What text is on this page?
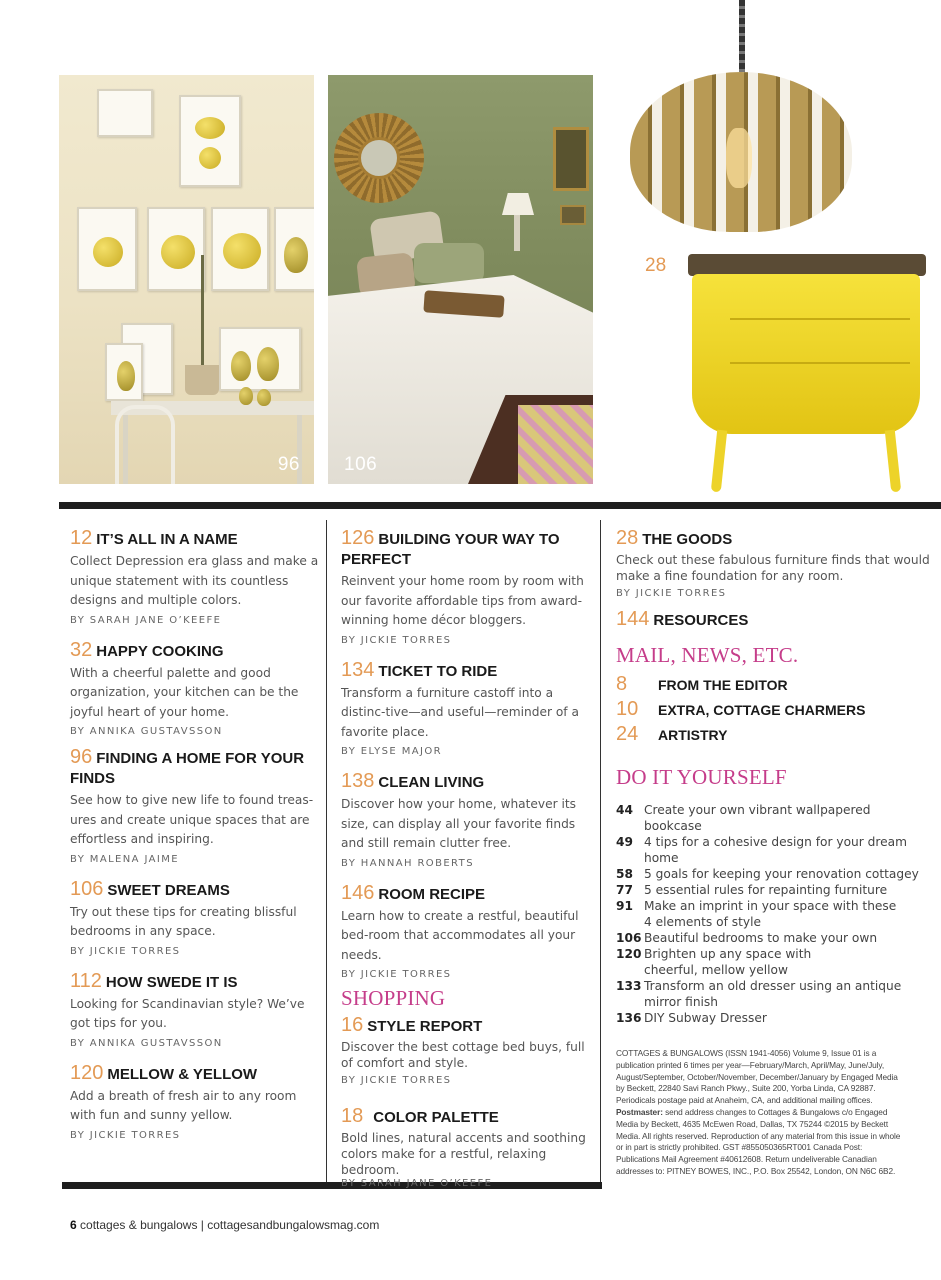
96 106
28
12 IT’S ALL IN A NAME
Collect Depression era glass and make a unique statement with its countless designs and multiple colors.
BY SARAH JANE O’KEEFE
32 HAPPY COOKING
With a cheerful palette and good organization, your kitchen can be the joyful heart of your home.
BY ANNIKA GUSTAVSSON
96 FINDING A HOME FOR YOUR FINDS
See how to give new life to found treas-ures and create unique spaces that are effortless and inspiring.
BY MALENA JAIME
106 SWEET DREAMS
Try out these tips for creating blissful bedrooms in any space.
BY JICKIE TORRES
112 HOW SWEDE IT IS
Looking for Scandinavian style? We’ve got tips for you.
BY ANNIKA GUSTAVSSON
120 MELLOW & YELLOW
Add a breath of fresh air to any room with fun and sunny yellow.
BY JICKIE TORRES
126 BUILDING YOUR WAY TO PERFECT
Reinvent your home room by room with our favorite affordable tips from award-winning home décor bloggers.
BY JICKIE TORRES
134 TICKET TO RIDE
Transform a furniture castoff into a distinc-tive—and useful—reminder of a favorite place.
BY ELYSE MAJOR
138 CLEAN LIVING
Discover how your home, whatever its size, can display all your favorite finds and still remain clutter free.
BY HANNAH ROBERTS
146 ROOM RECIPE
Learn how to create a restful, beautiful bed-room that accommodates all your needs.
BY JICKIE TORRES
SHOPPING
16 STYLE REPORT
Discover the best cottage bed buys, full of comfort and style.
BY JICKIE TORRES
18 COLOR PALETTE
Bold lines, natural accents and soothing colors make for a restful, relaxing bedroom.
BY SARAH JANE O’KEEFE
28 THE GOODS
Check out these fabulous furniture finds that would make a fine foundation for any room.
BY JICKIE TORRES
144 RESOURCES
MAIL, NEWS, ETC.
8	FROM THE EDITOR
10	EXTRA, COTTAGE CHARMERS
24	ARTISTRY
DO IT YOURSELF
44 Create your own vibrant wallpapered bookcase
49 4 tips for a cohesive design for your dream home
58 5 goals for keeping your renovation cottagey
77 5 essential rules for repainting furniture
91 Make an imprint in your space with these 4 elements of style
106 Beautiful bedrooms to make your own
120 Brighten up any space with cheerful, mellow yellow
133 Transform an old dresser using an antique mirror finish
136 DIY Subway Dresser
COTTAGES & BUNGALOWS (ISSN 1941-4056) Volume 9, Issue 01 is a publication printed 6 times per year—February/March, April/May, June/July, August/September, October/November, December/January by Engaged Media by Beckett, 22840 Savi Ranch Pkwy., Suite 200, Yorba Linda, CA 92887. Periodicals postage paid at Anaheim, CA, and additional mailing offices. Postmaster: send address changes to Cottages & Bungalows c/o Engaged Media by Beckett, 4635 McEwen Road, Dallas, TX 75244 ©2015 by Beckett Media. All rights reserved. Reproduction of any material from this issue in whole or in part is strictly prohibited. GST #855050365RT001 Canada Post: Publications Mail Agreement #40612608. Return undeliverable Canadian addresses to: PITNEY BOWES, INC., P.O. Box 25542, London, ON N6C 6B2.
6 cottages & bungalows | cottagesandbungalowsmag.com
